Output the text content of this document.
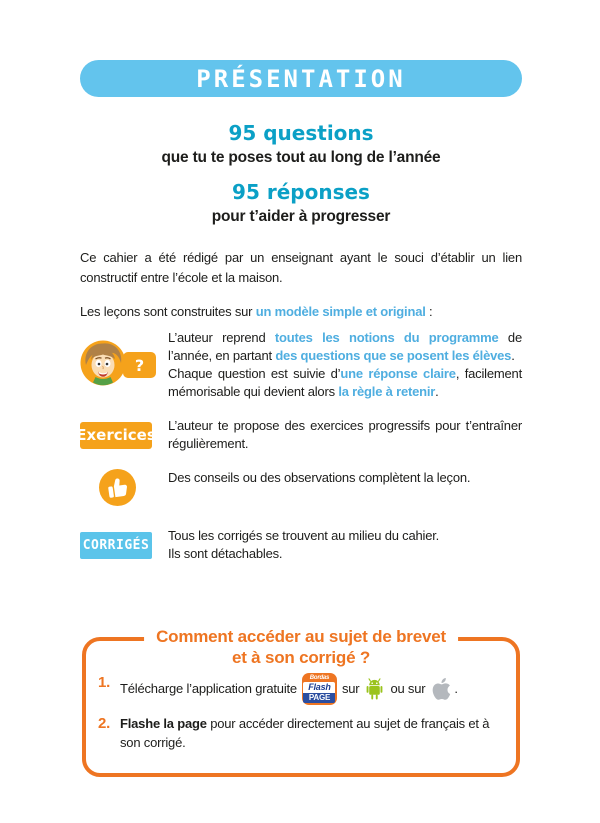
PRÉSENTATION
95 questions
que tu te poses tout au long de l’année
95 réponses
pour t’aider à progresser

Ce cahier a été rédigé par un enseignant ayant le souci d’établir un lien constructif entre l’école et la maison.

Les leçons sont construites sur un modèle simple et original :

?
L’auteur reprend toutes les notions du programme de l’année, en partant des questions que se posent les élèves.
Chaque question est suivie d’une réponse claire, facilement mémorisable qui devient alors la règle à retenir.
Exercices
L’auteur te propose des exercices progressifs pour t’entraîner régulièrement.
Des conseils ou des observations complètent la leçon.
CORRIGÉS
Tous les corrigés se trouvent au milieu du cahier.
Ils sont détachables.
Comment accéder au sujet de brevet
et à son corrigé ?
1. Télécharge l’application gratuite
Bordas
Flash
PAGE
sur ou sur .
2. Flashe la page pour accéder directement au sujet de français et à son corrigé.
